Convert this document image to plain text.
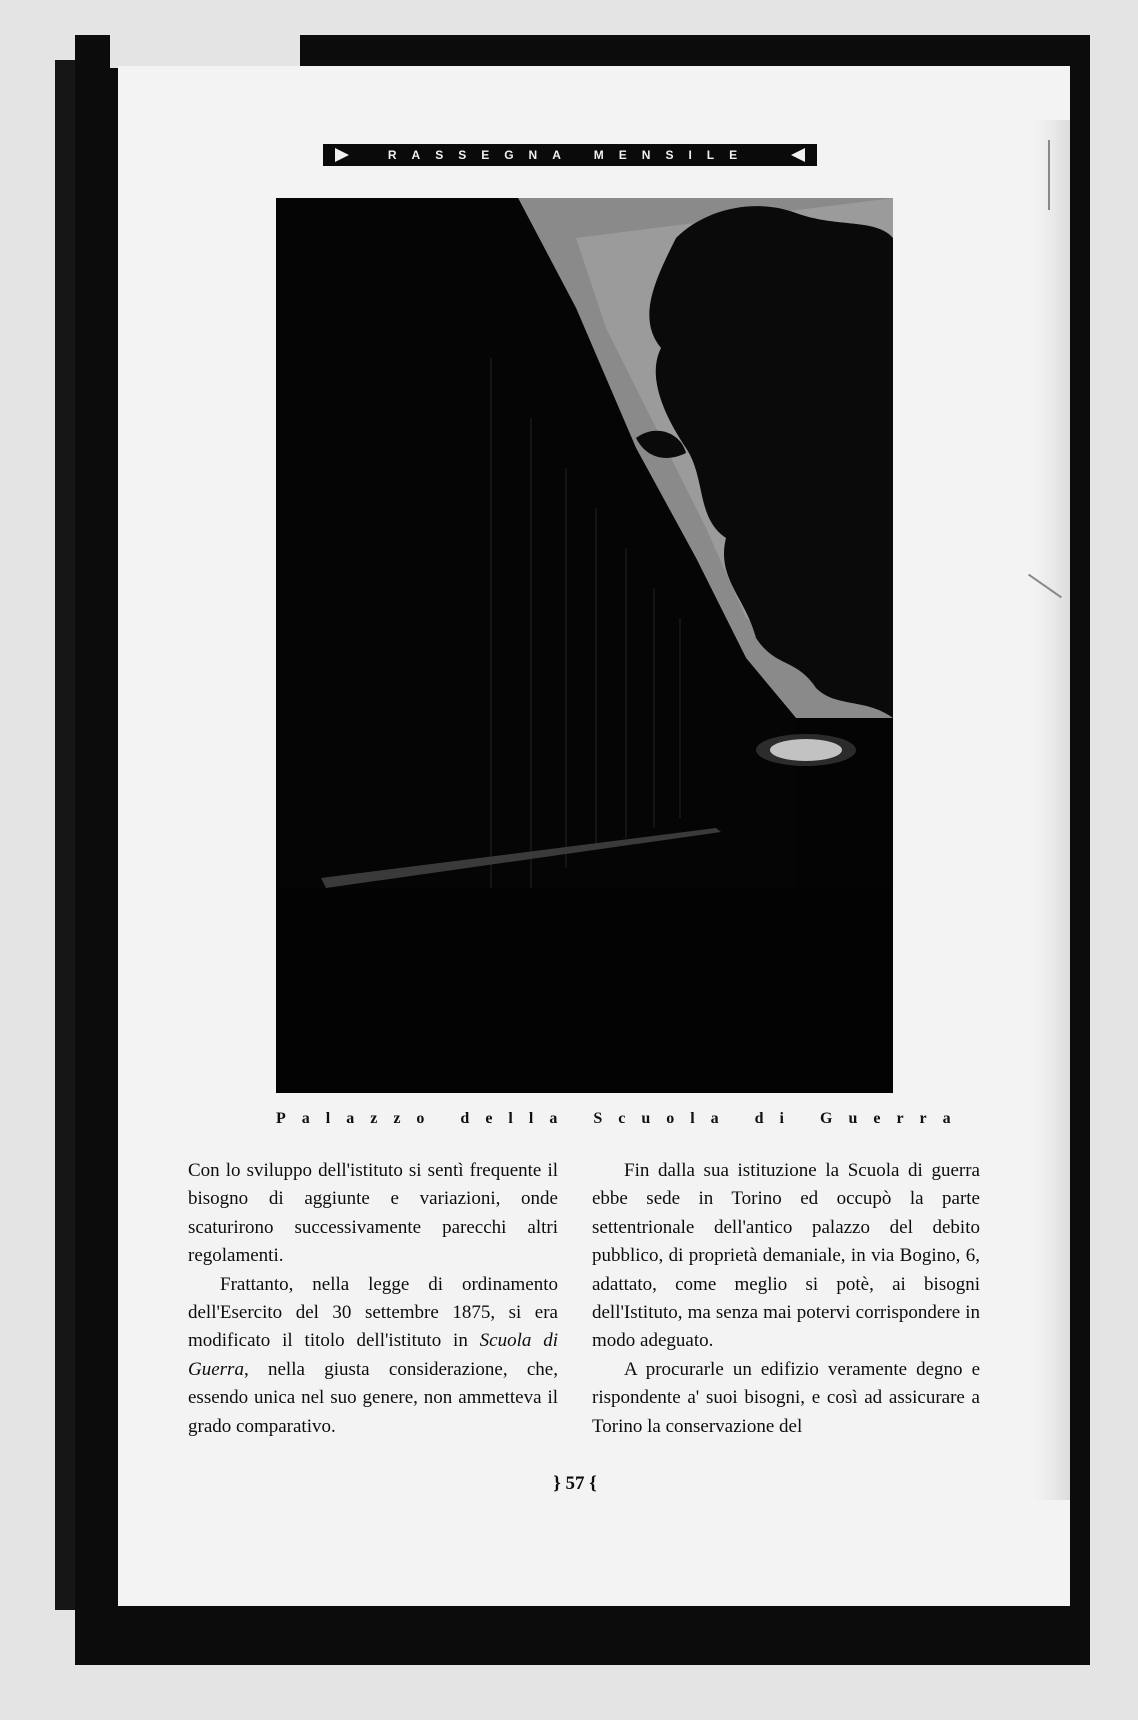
RASSEGNA MENSILE
Palazzo della Scuola di Guerra

Con lo sviluppo dell'istituto si sentì frequente il bisogno di aggiunte e variazioni, onde scaturirono successivamente parecchi altri regolamenti.

Frattanto, nella legge di ordinamento dell'Esercito del 30 settembre 1875, si era modificato il titolo dell'istituto in Scuola di Guerra, nella giusta considerazione, che, essendo unica nel suo genere, non ammetteva il grado comparativo.

Fin dalla sua istituzione la Scuola di guerra ebbe sede in Torino ed occupò la parte settentrionale dell'antico palazzo del debito pubblico, di proprietà demaniale, in via Bogino, 6, adattato, come meglio si potè, ai bisogni dell'Istituto, ma senza mai potervi corrispondere in modo adeguato.

A procurarle un edifizio veramente degno e rispondente a' suoi bisogni, e così ad assicurare a Torino la conservazione del

} 57 {
